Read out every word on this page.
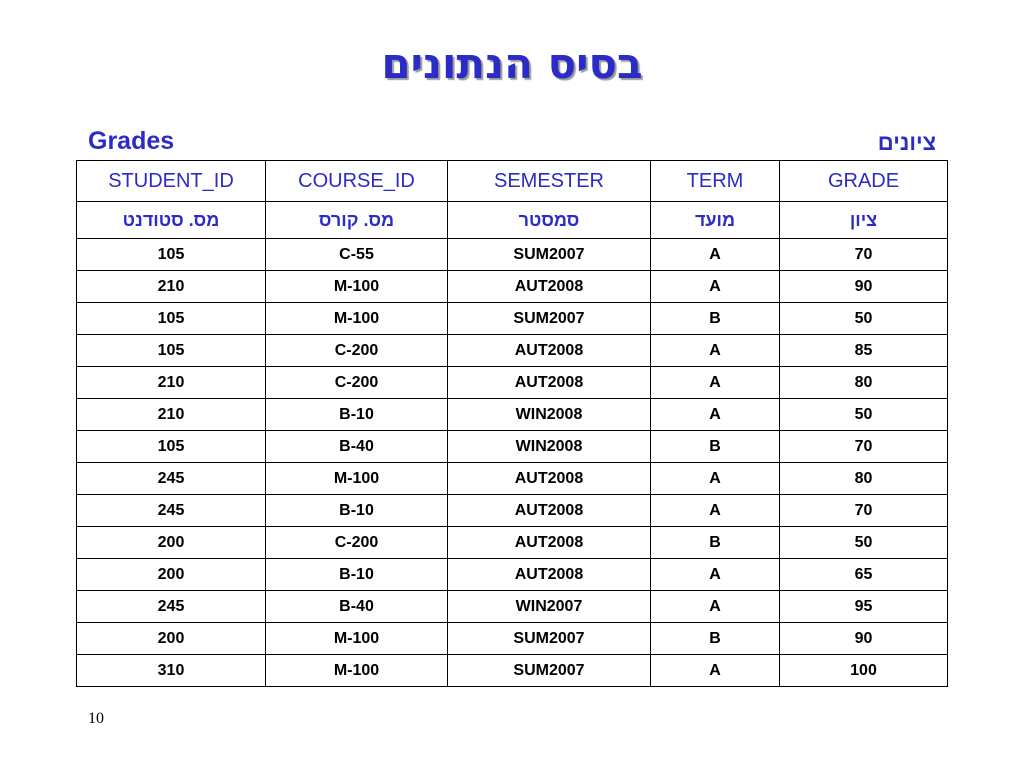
בסיס הנתונים
Grades	ציונים
STUDENT_ID	COURSE_ID	SEMESTER	TERM	GRADE
מס. סטודנט	מס. קורס	סמסטר	מועד	ציון
105	C-55	SUM2007	A	70
210	M-100	AUT2008	A	90
105	M-100	SUM2007	B	50
105	C-200	AUT2008	A	85
210	C-200	AUT2008	A	80
210	B-10	WIN2008	A	50
105	B-40	WIN2008	B	70
245	M-100	AUT2008	A	80
245	B-10	AUT2008	A	70
200	C-200	AUT2008	B	50
200	B-10	AUT2008	A	65
245	B-40	WIN2007	A	95
200	M-100	SUM2007	B	90
310	M-100	SUM2007	A	100
10
